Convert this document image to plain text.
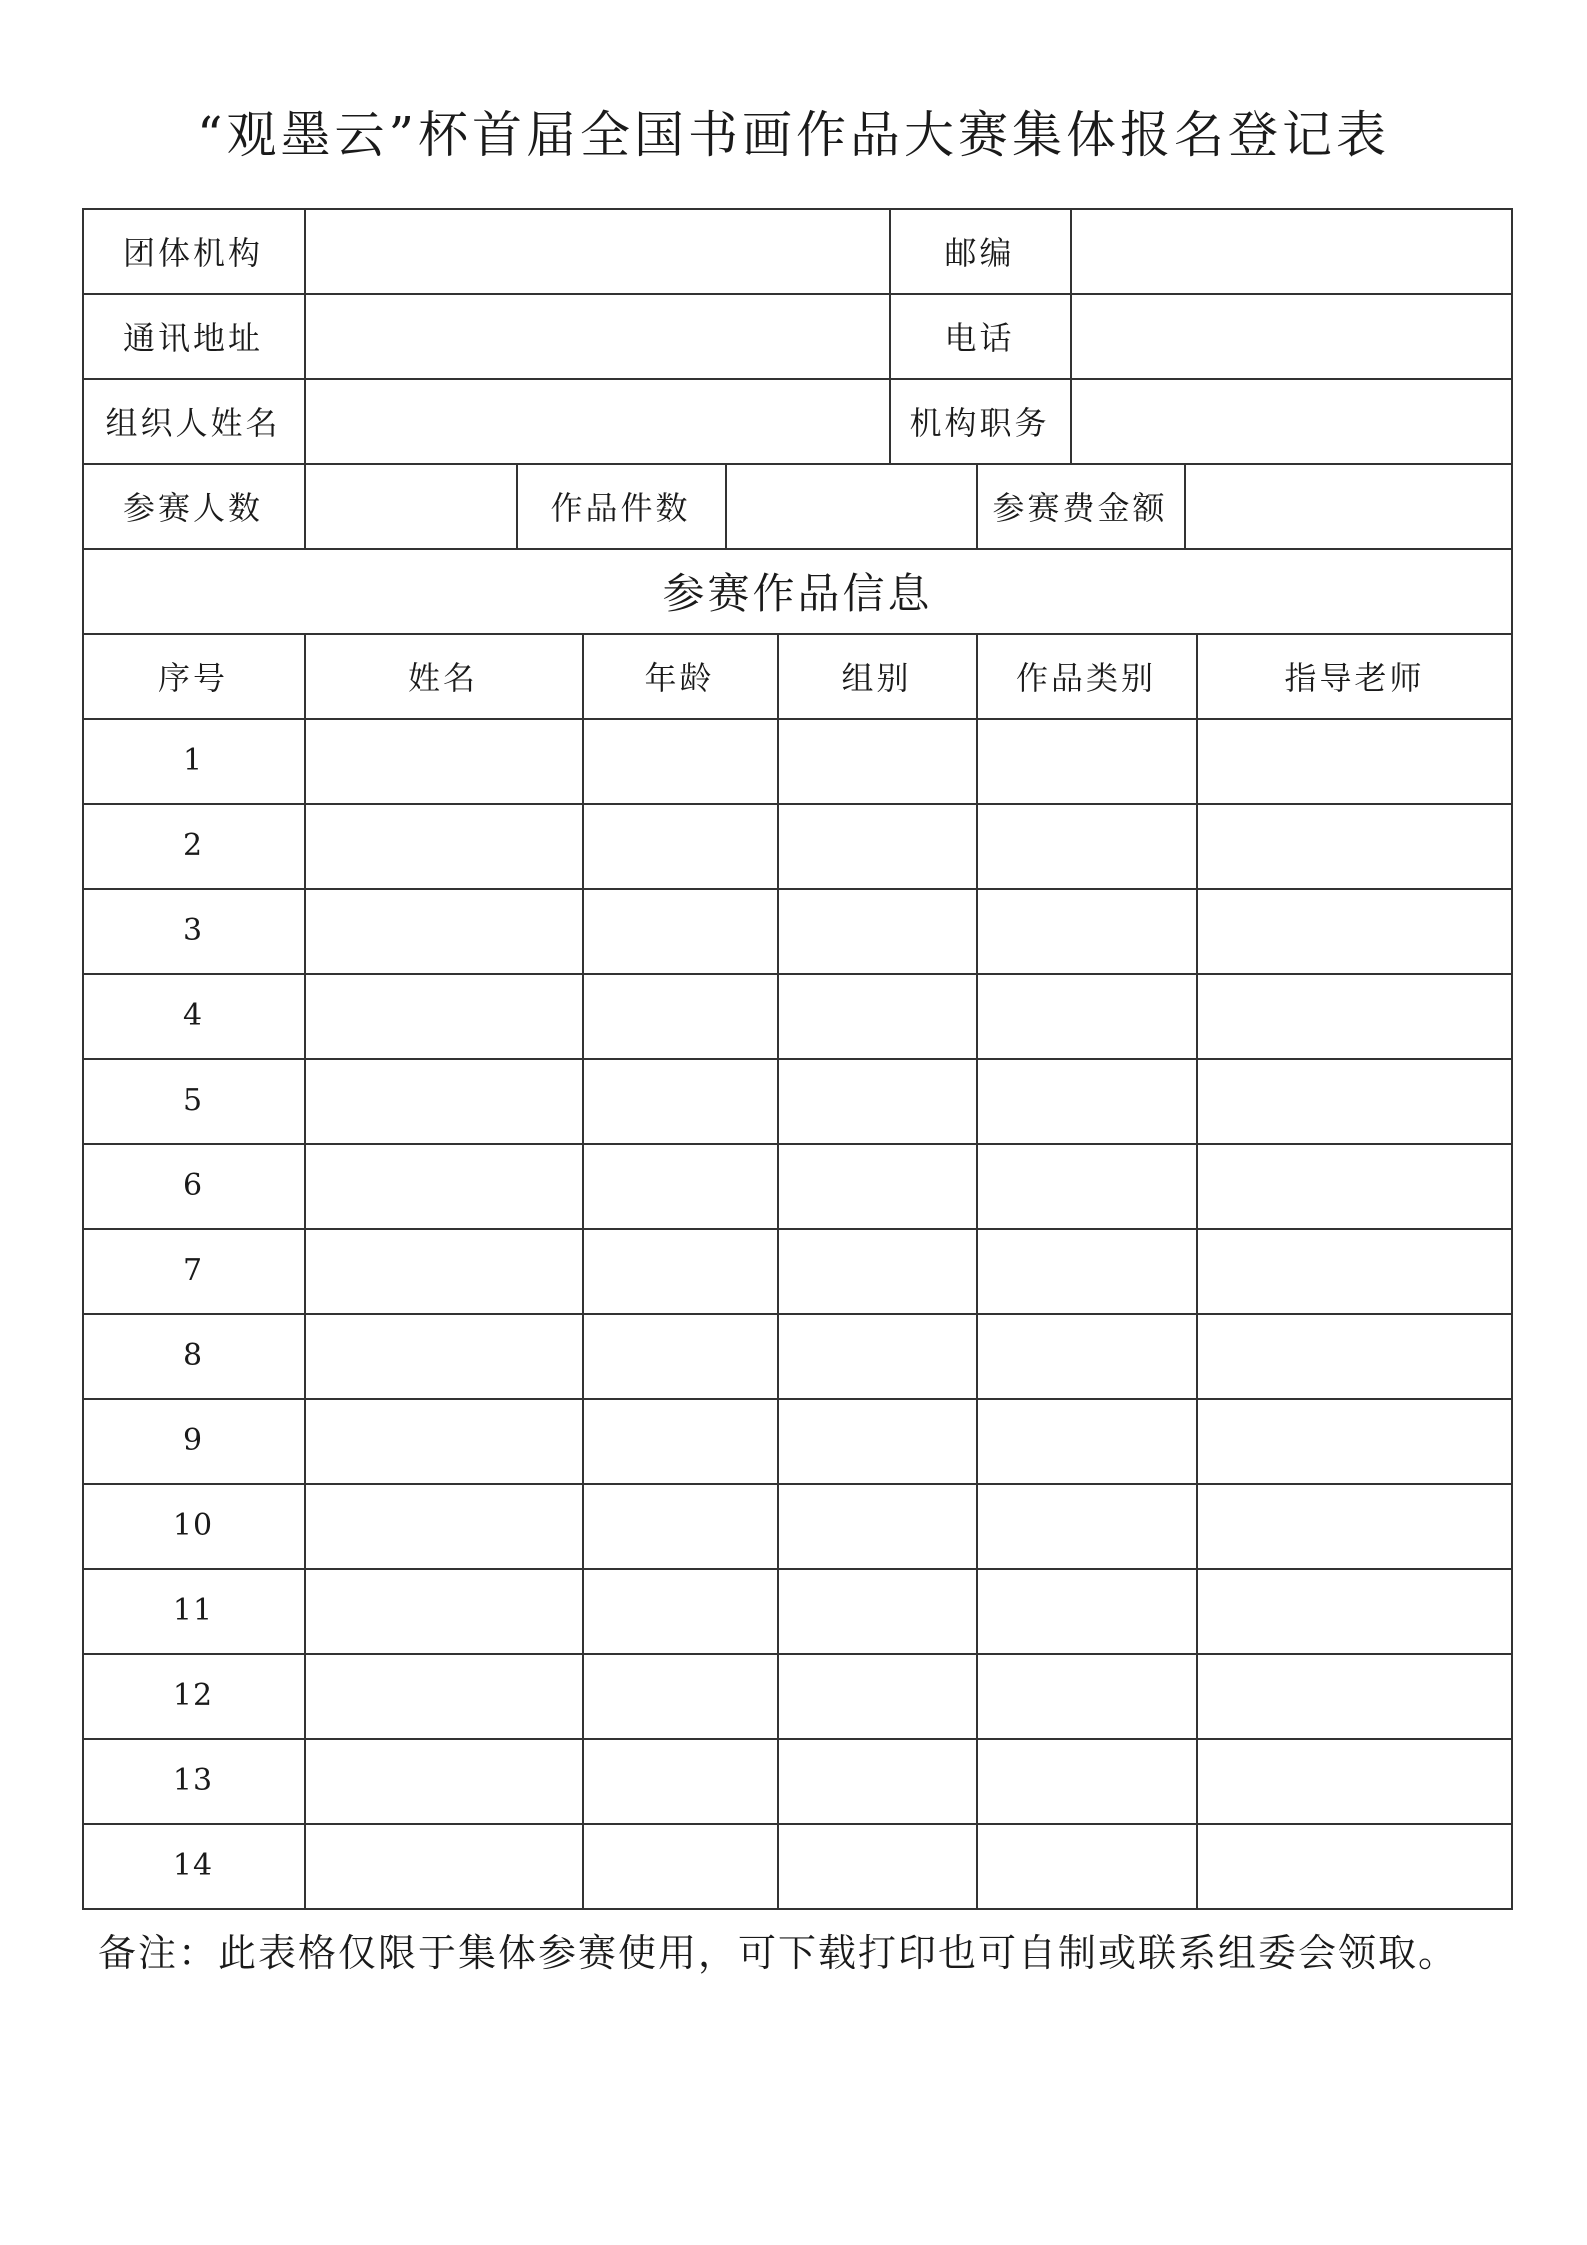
“观墨云”杯首届全国书画作品大赛集体报名登记表
团体机构	邮编
通讯地址	电话
组织人姓名	机构职务
参赛人数	作品件数	参赛费金额
参赛作品信息
序号	姓名	年龄	组别	作品类别	指导老师
1
2
3
4
5
6
7
8
9
10
11
12
13
14
备注：此表格仅限于集体参赛使用，可下载打印也可自制或联系组委会领取。
